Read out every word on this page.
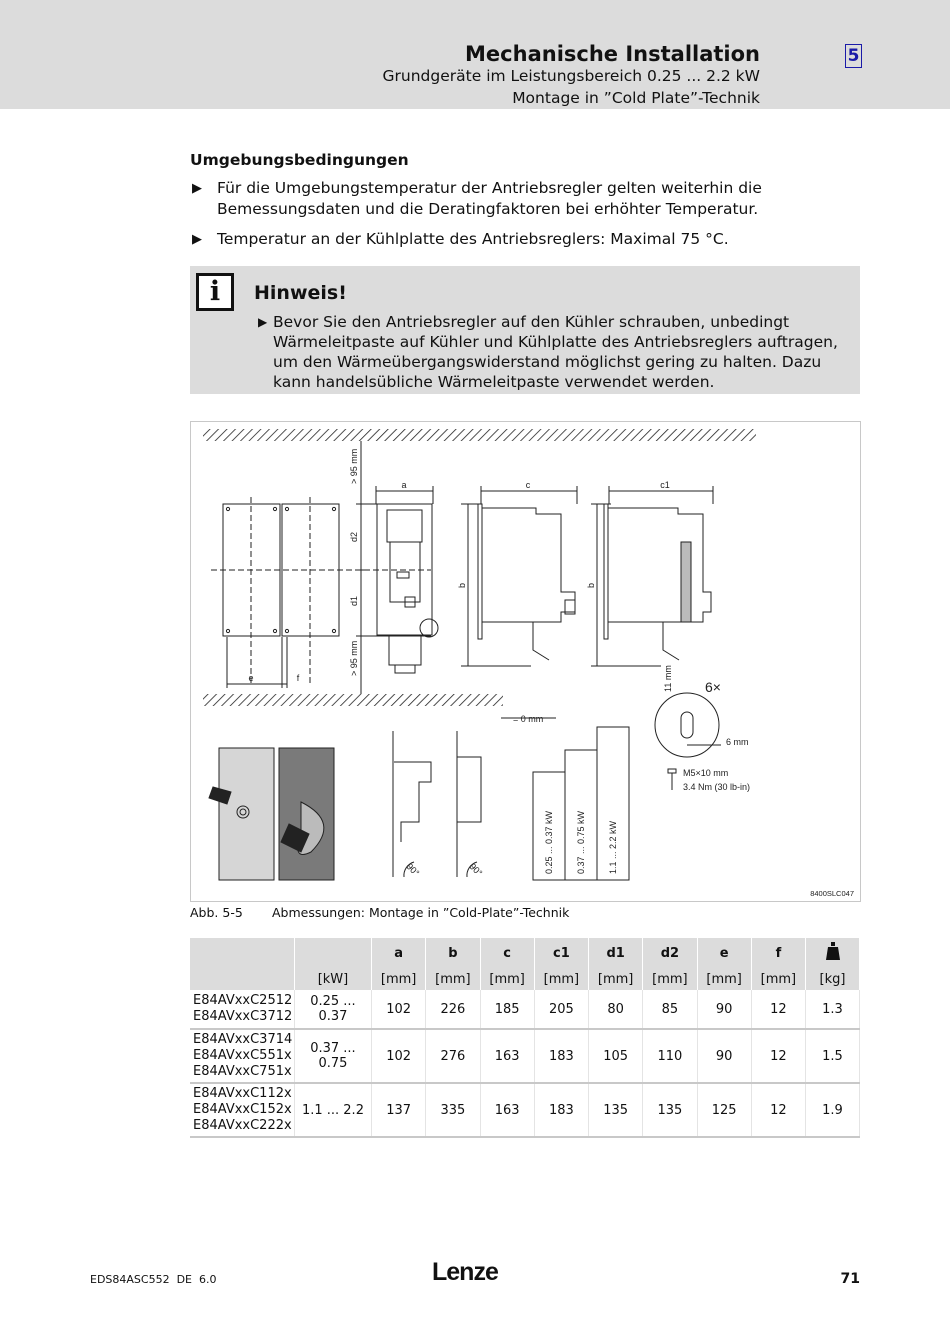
Mechanische Installation
Grundgeräte im Leistungsbereich 0.25 ... 2.2 kW
Montage in ”Cold Plate”-Technik
5
Umgebungsbedingungen
▶ Für die Umgebungstemperatur der Antriebsregler gelten weiterhin die Bemessungsdaten und die Deratingfaktoren bei erhöhter Temperatur.
▶ Temperatur an der Kühlplatte des Antriebsreglers: Maximal 75 °C.
i	Hinweis!
▶ Bevor Sie den Antriebsregler auf den Kühler schrauben, unbedingt Wärmeleitpaste auf Kühler und Kühlplatte des Antriebsreglers auftragen, um den Wärmeübergangswiderstand möglichst gering zu halten. Dazu kann handelsübliche Wärmeleitpaste verwendet werden.
e	f
> 95 mm
> 95 mm
d2
d1
a	c
b
c1
b
11 mm 6×
6 mm
M5×10 mm
3.4 Nm (30 lb-in)
90°	90°
= 0 mm
0.25 ... 0.37 kW 0.37 ... 0.75 kW 1.1 ... 2.2 kW
8400SLC047
Abb. 5-5 Abmessungen: Montage in ”Cold-Plate”-Technik
		a	b	c	c1	d1	d2	e	f	
	[kW]	[mm]	[mm]	[mm]	[mm]	[mm]	[mm]	[mm]	[mm]	[kg]

E84AVxxC2512
E84AVxxC3712	0.25 ... 0.37	102	226	185	205	80	85	90	12	1.3

E84AVxxC3714
E84AVxxC551x
E84AVxxC751x	0.37 ... 0.75	102	276	163	183	105	110	90	12	1.5

E84AVxxC112x
E84AVxxC152x
E84AVxxC222x	1.1 ... 2.2	137	335	163	183	135	135	125	12	1.9
EDS84ASC552  DE  6.0	Lenze	71
